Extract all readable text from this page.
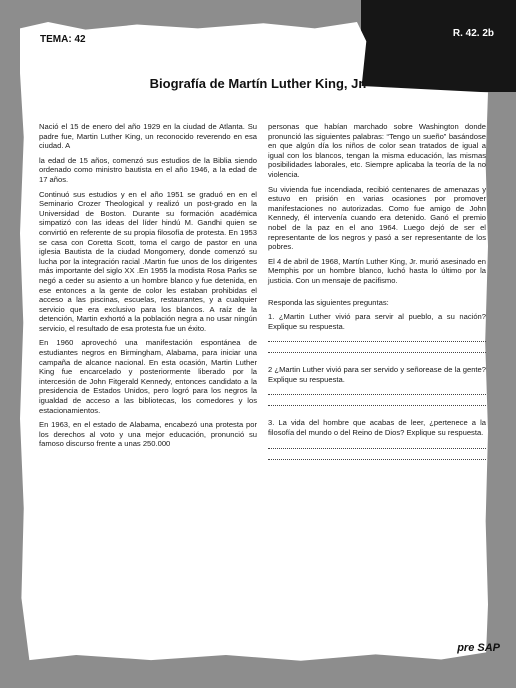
R. 42. 2b
TEMA: 42
Biografía de Martín Luther King, Jr.

Nació el 15 de enero del año 1929 en la ciudad de Atlanta. Su padre fue, Martin Luther King, un reconocido reverendo en esa ciudad. A

la edad de 15 años, comenzó sus estudios de la Biblia siendo ordenado como ministro bautista en el año 1946, a la edad de 17 años.

Continuó sus estudios y en el año 1951 se graduó en en el Seminario Crozer Theological y realizó un post-grado en la Universidad de Boston. Durante su formación académica simpatizó con las ideas del líder hindú M. Gandhi quien se convirtió en referente de su propia filosofía de protesta. En 1953 se casa con Coretta Scott, toma el cargo de pastor en una iglesia Bautista de la ciudad Mongomery, donde comenzó su lucha por la integración racial .Martin fue unos de los dirigentes más importante del siglo XX .En 1955 la modista Rosa Parks se negó a ceder su asiento a un hombre blanco y fue detenida, en ese entonces a la gente de color les estaban prohibidas el acceso a las piscinas, escuelas, restaurantes, y a cualquier servicio que era exclusivo para los blancos. A raíz de la detención, Martin exhortó a la población negra a no usar ningún servicio, el resultado de esa protesta fue un éxito.

En 1960 aprovechó una manifestación espontánea de estudiantes negros en Birmingham, Alabama, para iniciar una campaña de alcance nacional. En esta ocasión, Martin Luther King fue encarcelado y posteriormente liberado por la intercesión de John Fitgerald Kennedy, entonces candidato a la presidencia de Estados Unidos, pero logró para los negros la igualdad de acceso a las bibliotecas, los comedores y los estacionamientos.

En 1963, en el estado de Alabama, encabezó una protesta por los derechos al voto y una mejor educación, pronunció su famoso discurso frente a unas 250.000

personas que habían marchado sobre Washington donde pronunció las siguientes palabras: “Tengo un sueño” basándose en que algún día los niños de color sean tratados de igual a igual con los blancos, tengan la misma educación, las mismas posibilidades laborales, etc. Siempre aplicaba la teoría de la no violencia.

Su vivienda fue incendiada, recibió centenares de amenazas y estuvo en prisión en varias ocasiones por promover manifestaciones no autorizadas. Como fue amigo de John Kennedy, él intervenía cuando era detenido. Ganó el premio nobel de la paz en el ano 1964. Luego dejó de ser el representante de los negros y pasó a ser representante de los pobres.

El 4 de abril de 1968, Martín Luther King, Jr. murió asesinado en Memphis por un hombre blanco, luchó hasta lo último por la justicia. Con un mensaje de pacifismo.

Responda las siguientes preguntas:

1. ¿Martin Luther vivió para servir al pueblo, a su nación? Explique su respuesta.

2 ¿Martin Luther vivió para ser servido y señorease de la gente? Explique su respuesta.

3. La vida del hombre que acabas de leer, ¿pertenece a la filosofía del mundo o del Reino de Dios? Explique su respuesta.

pre SAP
